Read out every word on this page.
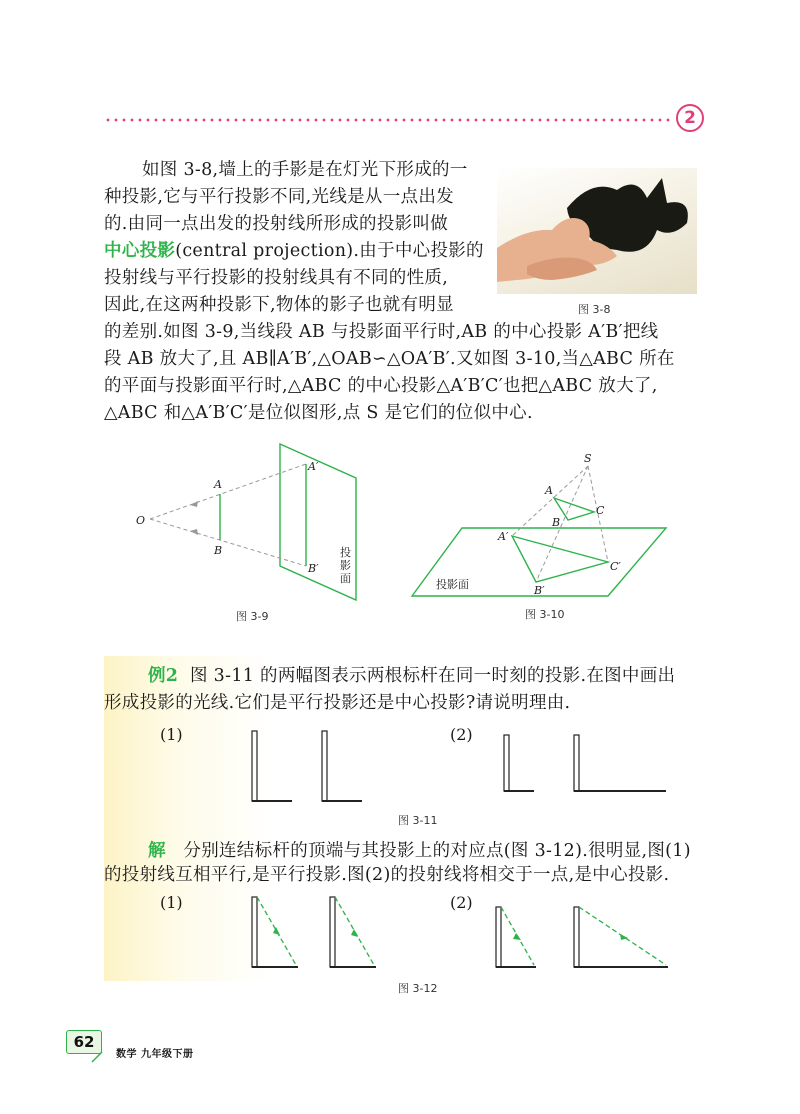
2

如图 3-8,墙上的手影是在灯光下形成的一

种投影,它与平行投影不同,光线是从一点出发

的.由同一点出发的投射线所形成的投影叫做

中心投影(central projection).由于中心投影的

投射线与平行投影的投射线具有不同的性质,

因此,在这两种投影下,物体的影子也就有明显

的差别.如图 3-9,当线段 AB 与投影面平行时,AB 的中心投影 A′B′把线

段 AB 放大了,且 AB∥A′B′,△OAB∽△OA′B′.又如图 3-10,当△ABC 所在

的平面与投影面平行时,△ABC 的中心投影△A′B′C′也把△ABC 放大了,

△ABC 和△A′B′C′是位似图形,点 S 是它们的位似中心.

图 3-8
O
A
B
A′
B′
投
影
面
图 3-9
S
A
B
C
A′
B′
C′
投影面
图 3-10

例2 图 3-11 的两幅图表示两根标杆在同一时刻的投影.在图中画出

形成投影的光线.它们是平行投影还是中心投影?请说明理由.

(1)	(2)
图 3-11

解 分别连结标杆的顶端与其投影上的对应点(图 3-12).很明显,图(1)

的投射线互相平行,是平行投影.图(2)的投射线将相交于一点,是中心投影.

(1)	(2)
图 3-12
62
数学 九年级下册
